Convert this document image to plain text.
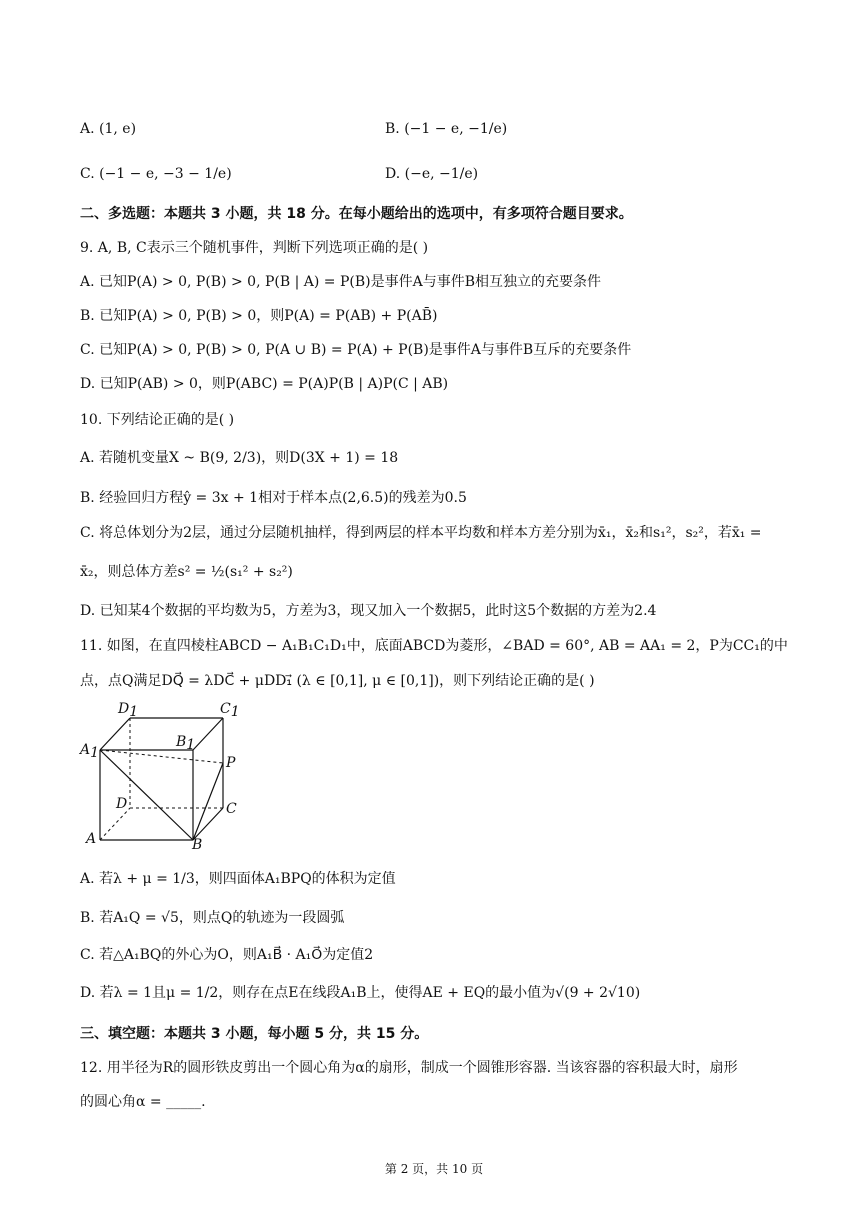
A. (1, e)	B. (−1 − e, −1/e)
C. (−1 − e, −3 − 1/e)	D. (−e, −1/e)
二、多选题：本题共 3 小题，共 18 分。在每小题给出的选项中，有多项符合题目要求。
9. A, B, C表示三个随机事件，判断下列选项正确的是( )
A. 已知P(A) > 0, P(B) > 0, P(B | A) = P(B)是事件A与事件B相互独立的充要条件
B. 已知P(A) > 0, P(B) > 0，则P(A) = P(AB) + P(AB̄)
C. 已知P(A) > 0, P(B) > 0, P(A ∪ B) = P(A) + P(B)是事件A与事件B互斥的充要条件
D. 已知P(AB) > 0，则P(ABC) = P(A)P(B | A)P(C | AB)
10. 下列结论正确的是( )
A. 若随机变量X ~ B(9, 2/3)，则D(3X + 1) = 18
B. 经验回归方程ŷ = 3x + 1相对于样本点(2,6.5)的残差为0.5
C. 将总体划分为2层，通过分层随机抽样，得到两层的样本平均数和样本方差分别为x̄₁，x̄₂和s₁²，s₂²，若x̄₁ =
x̄₂，则总体方差s² = ½(s₁² + s₂²)
D. 已知某4个数据的平均数为5，方差为3，现又加入一个数据5，此时这5个数据的方差为2.4
11. 如图，在直四棱柱ABCD − A₁B₁C₁D₁中，底面ABCD为菱形，∠BAD = 60°, AB = AA₁ = 2，P为CC₁的中
点，点Q满足DQ⃗ = λDC⃗ + μDD₁⃗ (λ ∈ [0,1], μ ∈ [0,1])，则下列结论正确的是( )
D1	C1
A1
B1
P
D	C
A	B
A. 若λ + μ = 1/3，则四面体A₁BPQ的体积为定值
B. 若A₁Q = √5，则点Q的轨迹为一段圆弧
C. 若△A₁BQ的外心为O，则A₁B⃗ · A₁O⃗为定值2
D. 若λ = 1且μ = 1/2，则存在点E在线段A₁B上，使得AE + EQ的最小值为√(9 + 2√10)
三、填空题：本题共 3 小题，每小题 5 分，共 15 分。
12. 用半径为R的圆形铁皮剪出一个圆心角为α的扇形，制成一个圆锥形容器. 当该容器的容积最大时，扇形
的圆心角α = _____.
第 2 页，共 10 页
